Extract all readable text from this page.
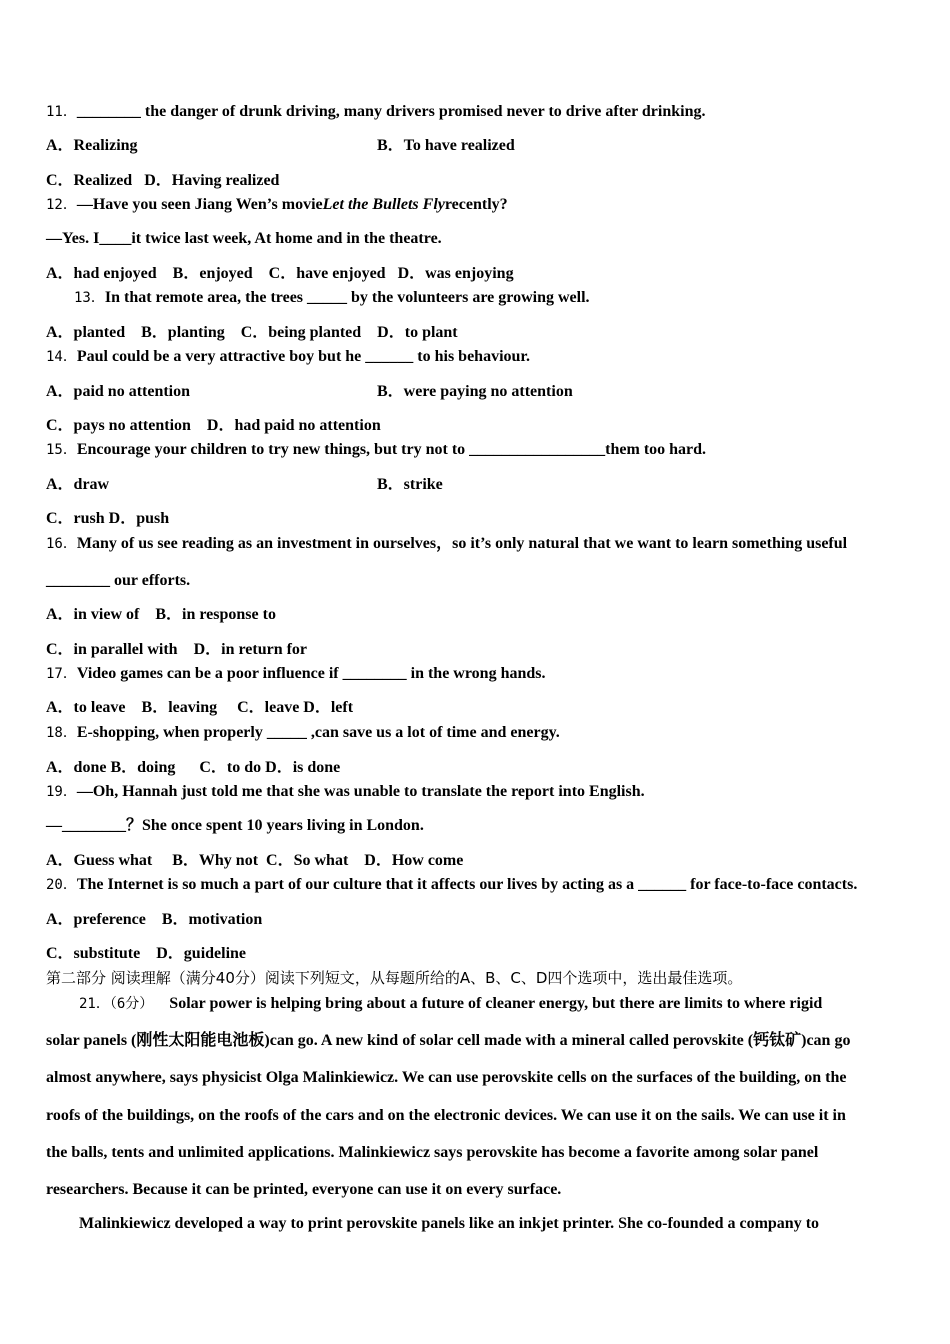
11．________ the danger of drunk driving, many drivers promised never to drive after drinking.
A．Realizing	B．To have realized
C．Realized   D．Having realized
12．—Have you seen Jiang Wen’s movieLet the Bullets Flyrecently?
—Yes. I____it twice last week, At home and in the theatre.
A．had enjoyed    B．enjoyed    C．have enjoyed   D．was enjoying
13．In that remote area, the trees _____ by the volunteers are growing well.
A．planted    B．planting    C．being planted    D．to plant
14．Paul could be a very attractive boy but he ______ to his behaviour.
A．paid no attention	B．were paying no attention
C．pays no attention    D．had paid no attention
15．Encourage your children to try new things, but try not to _________________them too hard.
A．draw	B．strike
C．rush D．push
16．Many of us see reading as an investment in ourselves，so it’s only natural that we want to learn something useful
________ our efforts.
A．in view of    B．in response to
C．in parallel with    D．in return for
17．Video games can be a poor influence if ________ in the wrong hands.
A．to leave    B．leaving     C．leave D．left
18．E-shopping, when properly _____ ,can save us a lot of time and energy.
A．done B．doing      C．to do D．is done
19．—Oh, Hannah just told me that she was unable to translate the report into English.
—________？She once spent 10 years living in London.
A．Guess what     B．Why not  C．So what    D．How come
20．The Internet is so much a part of our culture that it affects our lives by acting as a ______ for face-to-face contacts.
A．preference    B．motivation
C．substitute    D．guideline
第二部分 阅读理解（满分40分）阅读下列短文，从每题所给的A、B、C、D四个选项中，选出最佳选项。
21．（6分） Solar power is helping bring about a future of cleaner energy, but there are limits to where rigid
solar panels (刚性太阳能电池板)can go. A new kind of solar cell made with a mineral called perovskite (钙钛矿)can go
almost anywhere, says physicist Olga Malinkiewicz. We can use perovskite cells on the surfaces of the building, on the
roofs of the buildings, on the roofs of the cars and on the electronic devices. We can use it on the sails. We can use it in
the balls, tents and unlimited applications. Malinkiewicz says perovskite has become a favorite among solar panel
researchers. Because it can be printed, everyone can use it on every surface.
Malinkiewicz developed a way to print perovskite panels like an inkjet printer. She co-founded a company to
